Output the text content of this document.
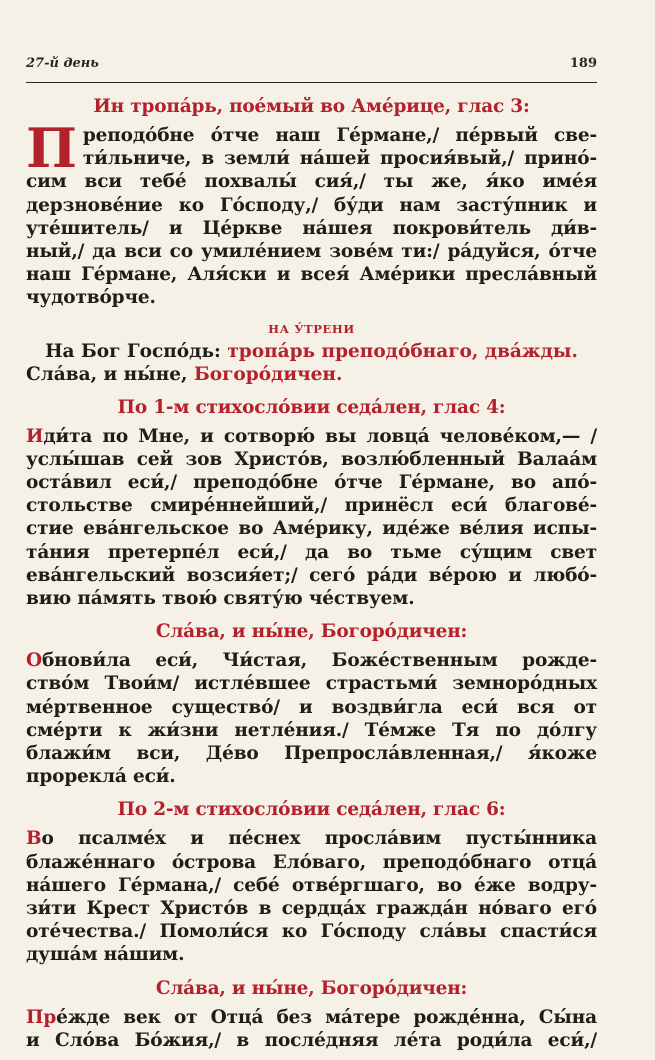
27-й день	189
Ин тропа́рь, пое́мый во Аме́рице, глас 3:
П реподо́бне о́тче наш Ге́рмане,/ пе́рвый све-
ти́льниче, в земли́ на́шей просия́вый,/ прино́-
сим вси тебе́ похвалы́ сия́,/ ты же, я́ко име́я
дерзнове́ние ко Го́споду,/ бу́ди нам засту́пник и
уте́шитель/ и Це́ркве на́шея покрови́тель ди́в-
ный,/ да вси со умиле́нием зове́м ти:/ ра́дуйся, о́тче
наш Ге́рмане, Аля́ски и всея́ Аме́рики пресла́вный
чудотво́рче.
НА У́ТРЕНИ
На Бог Госпо́дь: тропа́рь преподо́бнаго, два́жды.
Сла́ва, и ны́не, Богоро́дичен.
По 1-м стихосло́вии седа́лен, глас 4:
Иди́та по Мне, и сотворю́ вы ловца́ челове́ком,— /
услы́шав сей зов Христо́в, возлю́бленный Валаа́м
оста́вил еси́,/ преподо́бне о́тче Ге́рмане, во апо́-
стольстве смире́ннейший,/ принёсл еси́ благове́-
стие ева́нгельское во Аме́рику, иде́же ве́лия испы-
та́ния претерпе́л еси́,/ да во тьме су́щим свет
ева́нгельский возсия́ет;/ сего́ ра́ди ве́рою и любо́-
вию па́мять твою́ святу́ю че́ствуем.
Сла́ва, и ны́не, Богоро́дичен:
Обнови́ла еси́, Чи́стая, Боже́ственным рожде-
ство́м Твои́м/ истле́вшее страстьми́ земноро́дных
ме́ртвенное существо́/ и воздви́гла еси́ вся от
сме́рти к жи́зни нетле́ния./ Те́мже Тя по до́лгу
блажи́м вси, Де́во Препросла́вленная,/ я́коже
прорекла́ еси́.
По 2-м стихосло́вии седа́лен, глас 6:
Во псалме́х и пе́снех просла́вим пусты́нника
блаже́ннаго о́строва Ело́ваго, преподо́бнаго отца́
на́шего Ге́рмана,/ себе́ отве́ргшаго, во е́же водру-
зи́ти Крест Христо́в в сердца́х гражда́н но́ваго его́
оте́чества./ Помоли́ся ко Го́споду сла́вы спасти́ся
душа́м на́шим.
Сла́ва, и ны́не, Богоро́дичен:
Пре́жде век от Отца́ без ма́тере рожде́нна, Сы́на
и Сло́ва Бо́жия,/ в после́дняя ле́та роди́ла еси́,/
